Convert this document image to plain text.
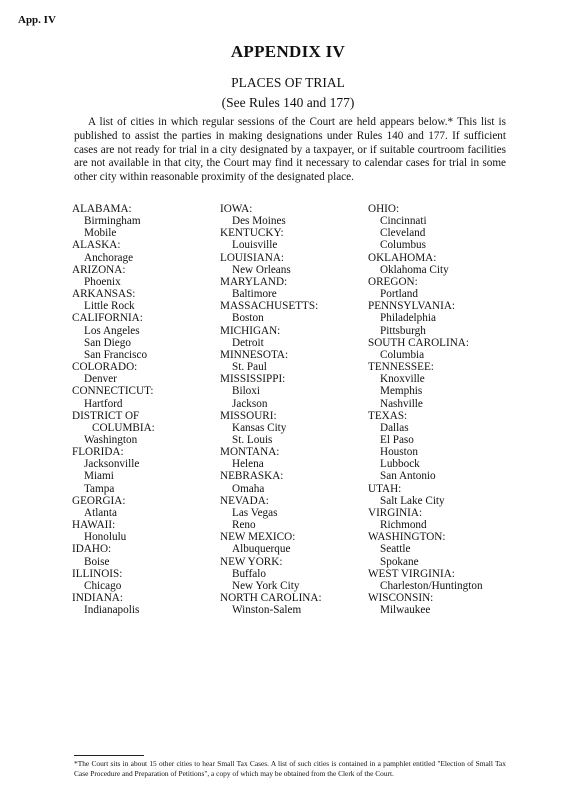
App. IV
APPENDIX IV
PLACES OF TRIAL
(See Rules 140 and 177)

A list of cities in which regular sessions of the Court are held appears below.* This list is published to assist the parties in making designations under Rules 140 and 177. If sufficient cases are not ready for trial in a city designated by a taxpayer, or if suitable courtroom facilities are not available in that city, the Court may find it necessary to calendar cases for trial in some other city within reasonable proximity of the designated place.

ALABAMA:
Birmingham
Mobile
ALASKA:
Anchorage
ARIZONA:
Phoenix
ARKANSAS:
Little Rock
CALIFORNIA:
Los Angeles
San Diego
San Francisco
COLORADO:
Denver
CONNECTICUT:
Hartford
DISTRICT OF
COLUMBIA:
Washington
FLORIDA:
Jacksonville
Miami
Tampa
GEORGIA:
Atlanta
HAWAII:
Honolulu
IDAHO:
Boise
ILLINOIS:
Chicago
INDIANA:
Indianapolis
IOWA:
Des Moines
KENTUCKY:
Louisville
LOUISIANA:
New Orleans
MARYLAND:
Baltimore
MASSACHUSETTS:
Boston
MICHIGAN:
Detroit
MINNESOTA:
St. Paul
MISSISSIPPI:
Biloxi
Jackson
MISSOURI:
Kansas City
St. Louis
MONTANA:
Helena
NEBRASKA:
Omaha
NEVADA:
Las Vegas
Reno
NEW MEXICO:
Albuquerque
NEW YORK:
Buffalo
New York City
NORTH CAROLINA:
Winston-Salem
OHIO:
Cincinnati
Cleveland
Columbus
OKLAHOMA:
Oklahoma City
OREGON:
Portland
PENNSYLVANIA:
Philadelphia
Pittsburgh
SOUTH CAROLINA:
Columbia
TENNESSEE:
Knoxville
Memphis
Nashville
TEXAS:
Dallas
El Paso
Houston
Lubbock
San Antonio
UTAH:
Salt Lake City
VIRGINIA:
Richmond
WASHINGTON:
Seattle
Spokane
WEST VIRGINIA:
Charleston/Huntington
WISCONSIN:
Milwaukee

*The Court sits in about 15 other cities to hear Small Tax Cases. A list of such cities is contained in a pamphlet entitled "Election of Small Tax Case Procedure and Preparation of Petitions", a copy of which may be obtained from the Clerk of the Court.
